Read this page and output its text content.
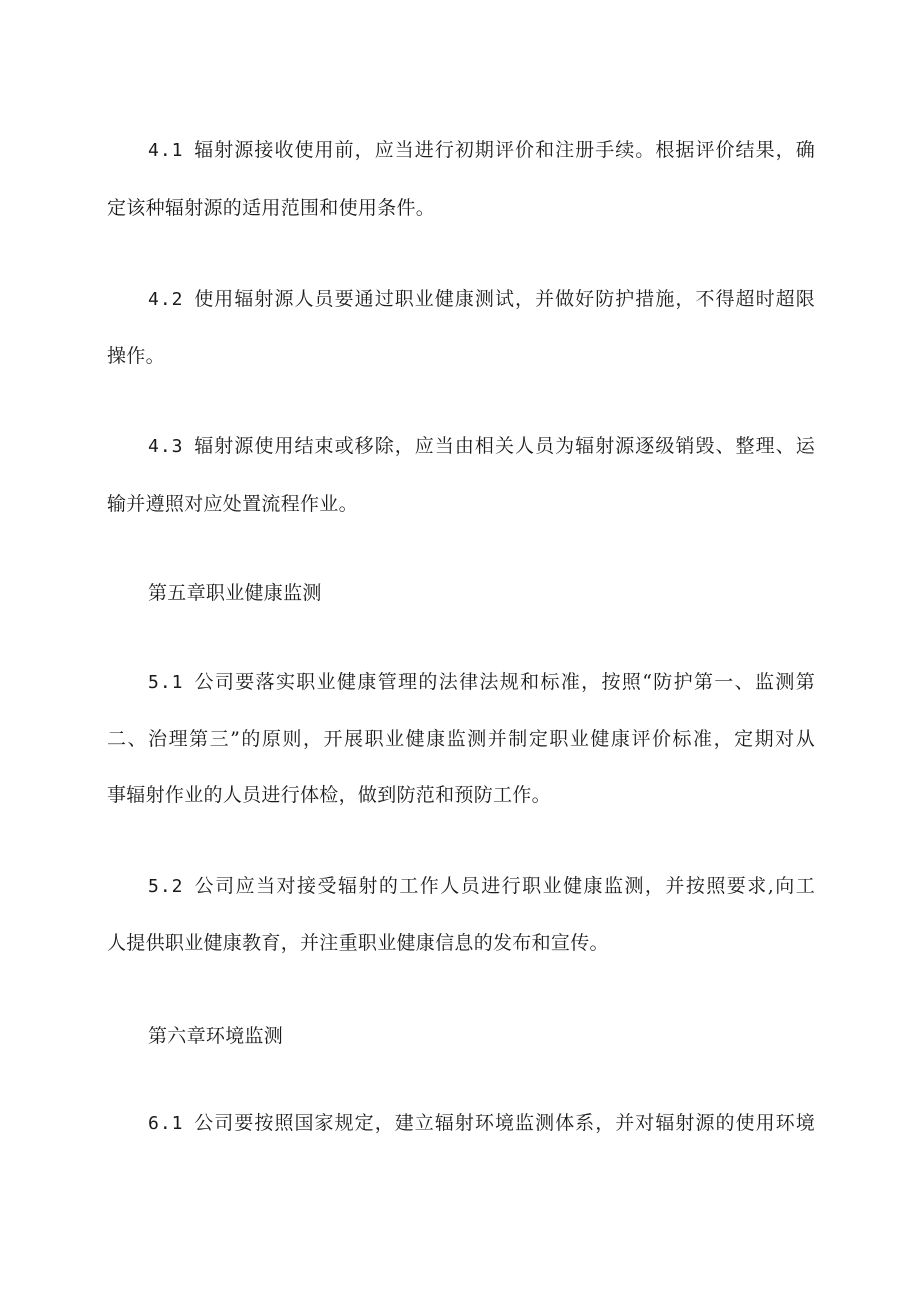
4.1 辐射源接收使用前，应当进行初期评价和注册手续。根据评价结果，确
定该种辐射源的适用范围和使用条件。
4.2 使用辐射源人员要通过职业健康测试，并做好防护措施，不得超时超限
操作。
4.3 辐射源使用结束或移除，应当由相关人员为辐射源逐级销毁、整理、运
输并遵照对应处置流程作业。
第五章职业健康监测
5.1 公司要落实职业健康管理的法律法规和标准，按照“防护第一、监测第
二、治理第三”的原则，开展职业健康监测并制定职业健康评价标准，定期对从
事辐射作业的人员进行体检，做到防范和预防工作。
5.2 公司应当对接受辐射的工作人员进行职业健康监测，并按照要求,向工
人提供职业健康教育，并注重职业健康信息的发布和宣传。
第六章环境监测
6.1 公司要按照国家规定，建立辐射环境监测体系，并对辐射源的使用环境
